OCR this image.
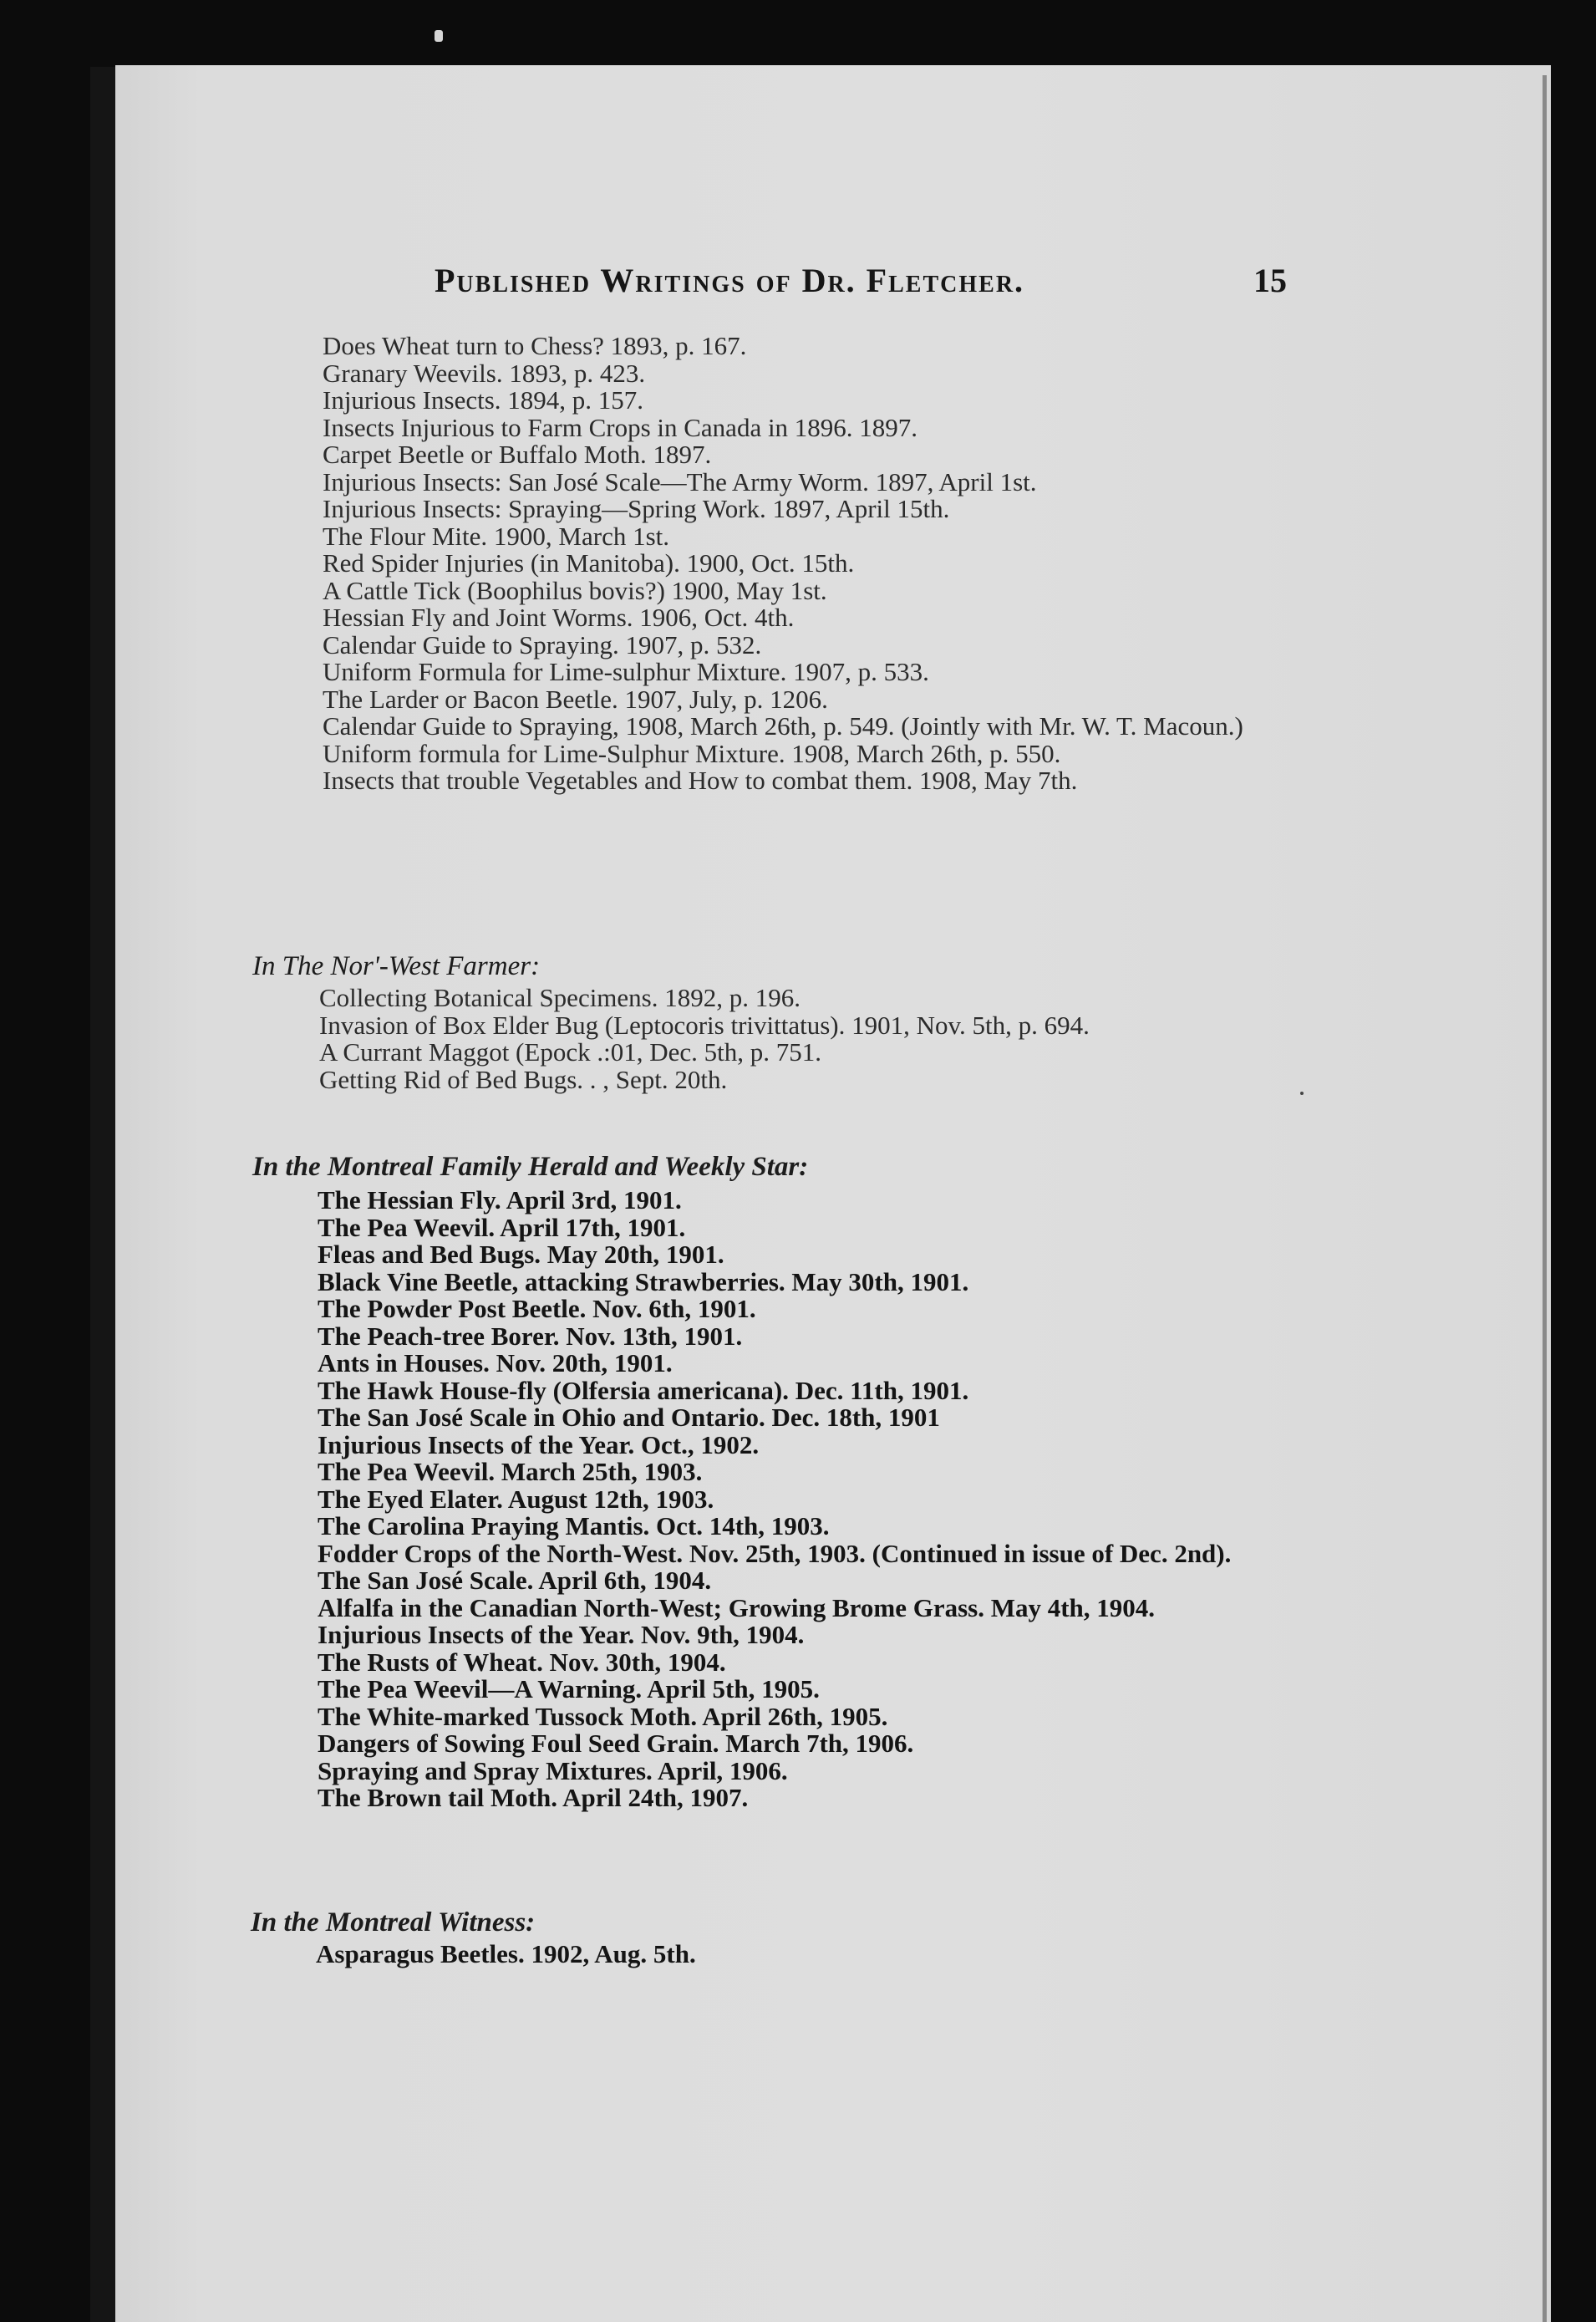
Published Writings of Dr. Fletcher.	15
Does Wheat turn to Chess? 1893, p. 167.
Granary Weevils. 1893, p. 423.
Injurious Insects. 1894, p. 157.
Insects Injurious to Farm Crops in Canada in 1896. 1897.
Carpet Beetle or Buffalo Moth. 1897.
Injurious Insects: San José Scale—The Army Worm. 1897, April 1st.
Injurious Insects: Spraying—Spring Work. 1897, April 15th.
The Flour Mite. 1900, March 1st.
Red Spider Injuries (in Manitoba). 1900, Oct. 15th.
A Cattle Tick (Boophilus bovis?) 1900, May 1st.
Hessian Fly and Joint Worms. 1906, Oct. 4th.
Calendar Guide to Spraying. 1907, p. 532.
Uniform Formula for Lime-sulphur Mixture. 1907, p. 533.
The Larder or Bacon Beetle. 1907, July, p. 1206.
Calendar Guide to Spraying, 1908, March 26th, p. 549. (Jointly with Mr. W. T. Macoun.)
Uniform formula for Lime-Sulphur Mixture. 1908, March 26th, p. 550.
Insects that trouble Vegetables and How to combat them. 1908, May 7th.
In The Nor'-West Farmer:
Collecting Botanical Specimens. 1892, p. 196.
Invasion of Box Elder Bug (Leptocoris trivittatus). 1901, Nov. 5th, p. 694.
A Currant Maggot (Epock .:01, Dec. 5th, p. 751.
Getting Rid of Bed Bugs. . , Sept. 20th.
In the Montreal Family Herald and Weekly Star:
The Hessian Fly. April 3rd, 1901.
The Pea Weevil. April 17th, 1901.
Fleas and Bed Bugs. May 20th, 1901.
Black Vine Beetle, attacking Strawberries. May 30th, 1901.
The Powder Post Beetle. Nov. 6th, 1901.
The Peach-tree Borer. Nov. 13th, 1901.
Ants in Houses. Nov. 20th, 1901.
The Hawk House-fly (Olfersia americana). Dec. 11th, 1901.
The San José Scale in Ohio and Ontario. Dec. 18th, 1901
Injurious Insects of the Year. Oct., 1902.
The Pea Weevil. March 25th, 1903.
The Eyed Elater. August 12th, 1903.
The Carolina Praying Mantis. Oct. 14th, 1903.
Fodder Crops of the North-West. Nov. 25th, 1903. (Continued in issue of Dec. 2nd).
The San José Scale. April 6th, 1904.
Alfalfa in the Canadian North-West; Growing Brome Grass. May 4th, 1904.
Injurious Insects of the Year. Nov. 9th, 1904.
The Rusts of Wheat. Nov. 30th, 1904.
The Pea Weevil—A Warning. April 5th, 1905.
The White-marked Tussock Moth. April 26th, 1905.
Dangers of Sowing Foul Seed Grain. March 7th, 1906.
Spraying and Spray Mixtures. April, 1906.
The Brown tail Moth. April 24th, 1907.
In the Montreal Witness:
Asparagus Beetles. 1902, Aug. 5th.
